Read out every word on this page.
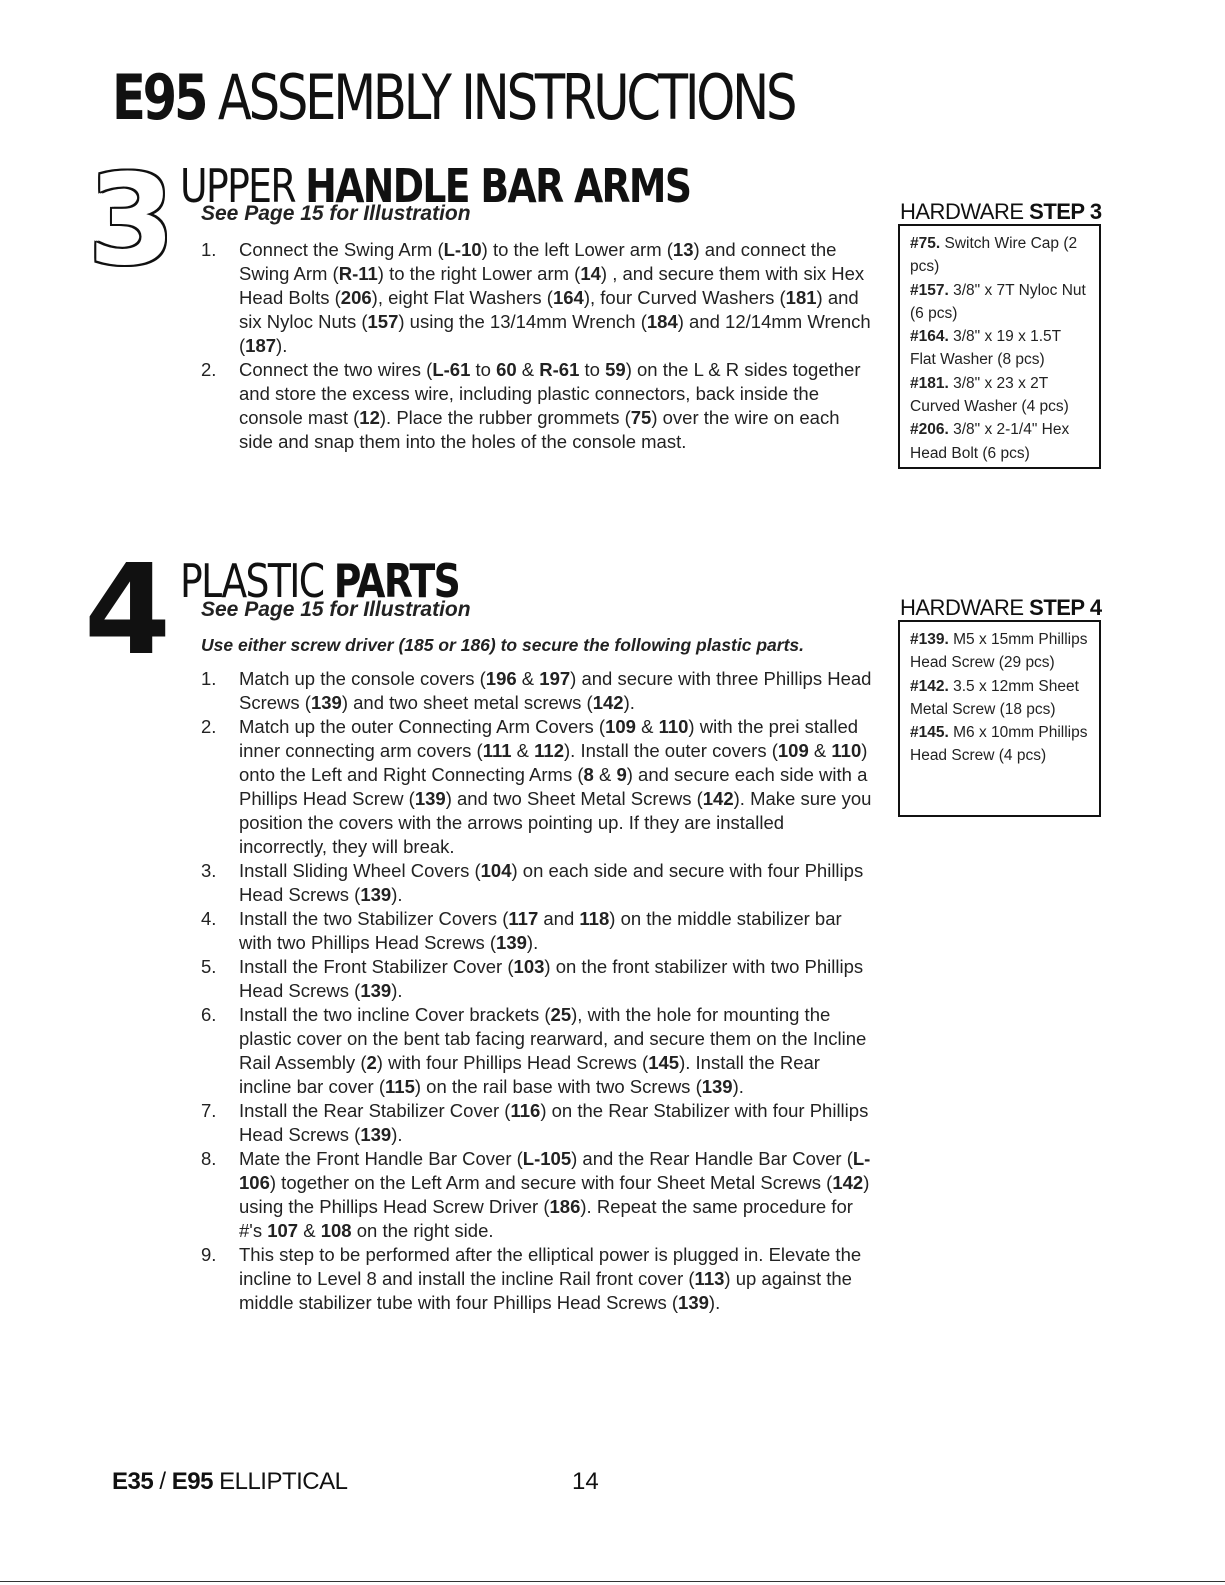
E95 ASSEMBLY INSTRUCTIONS
3 UPPER HANDLE BAR ARMS

See Page 15 for Illustration

1.	Connect the Swing Arm (L-10) to the left Lower arm (13) and connect the Swing Arm (R-11) to the right Lower arm (14) , and secure them with six Hex Head Bolts (206), eight Flat Washers (164), four Curved Washers (181) and six Nyloc Nuts (157) using the 13/14mm Wrench (184) and 12/14mm Wrench (187).
2.	Connect the two wires (L-61 to 60 & R-61 to 59) on the L & R sides together and store the excess wire, including plastic connectors, back inside the console mast (12). Place the rubber grommets (75) over the wire on each side and snap them into the holes of the console mast.

HARDWARE STEP 3

#75. Switch Wire Cap (2 pcs)

#157. 3/8" x 7T Nyloc Nut (6 pcs)

#164. 3/8" x 19 x 1.5T Flat Washer (8 pcs)

#181. 3/8" x 23 x 2T Curved Washer (4 pcs)

#206. 3/8" x 2-1/4" Hex Head Bolt (6 pcs)

4 PLASTIC PARTS

See Page 15 for Illustration

Use either screw driver (185 or 186) to secure the following plastic parts.

1.	Match up the console covers (196 & 197) and secure with three Phillips Head Screws (139) and two sheet metal screws (142).
2.	Match up the outer Connecting Arm Covers (109 & 110) with the prei stalled inner connecting arm covers (111 & 112). Install the outer covers (109 & 110) onto the Left and Right Connecting Arms (8 & 9) and secure each side with a Phillips Head Screw (139) and two Sheet Metal Screws (142). Make sure you position the covers with the arrows pointing up. If they are installed incorrectly, they will break.
3.	Install Sliding Wheel Covers (104) on each side and secure with four Phillips Head Screws (139).
4.	Install the two Stabilizer Covers (117 and 118) on the middle stabilizer bar with two Phillips Head Screws (139).
5.	Install the Front Stabilizer Cover (103) on the front stabilizer with two Phillips Head Screws (139).
6.	Install the two incline Cover brackets (25), with the hole for mounting the plastic cover on the bent tab facing rearward, and secure them on the Incline Rail Assembly (2) with four Phillips Head Screws (145). Install the Rear incline bar cover (115) on the rail base with two Screws (139).
7.	Install the Rear Stabilizer Cover (116) on the Rear Stabilizer with four Phillips Head Screws (139).
8.	Mate the Front Handle Bar Cover (L-105) and the Rear Handle Bar Cover (L-106) together on the Left Arm and secure with four Sheet Metal Screws (142) using the Phillips Head Screw Driver (186). Repeat the same procedure for #'s 107 & 108 on the right side.
9.	This step to be performed after the elliptical power is plugged in. Elevate the incline to Level 8 and install the incline Rail front cover (113) up against the middle stabilizer tube with four Phillips Head Screws (139).

HARDWARE STEP 4

#139. M5 x 15mm Phillips Head Screw (29 pcs)

#142. 3.5 x 12mm Sheet Metal Screw (18 pcs)

#145. M6 x 10mm Phillips Head Screw (4 pcs)

E35 / E95 ELLIPTICAL	14
